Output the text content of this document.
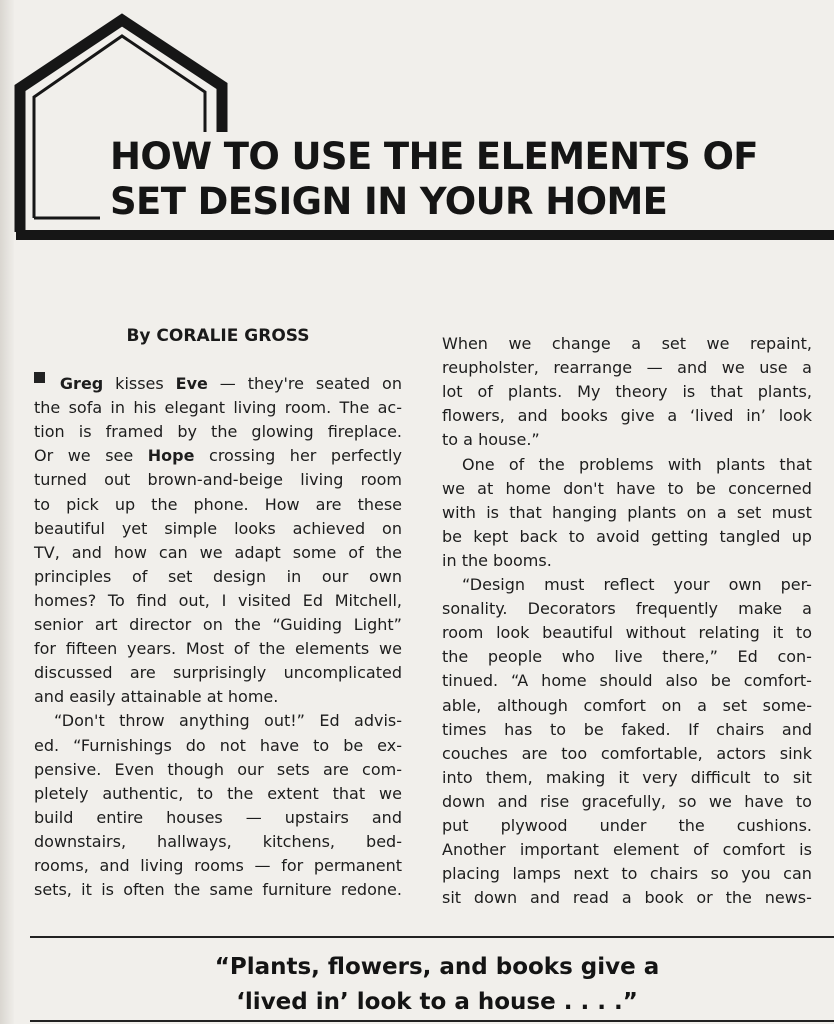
HOW TO USE THE ELEMENTS OF
SET DESIGN IN YOUR HOME
By CORALIE GROSS
Greg kisses Eve — they're seated on
the sofa in his elegant living room. The ac-
tion is framed by the glowing fireplace.
Or we see Hope crossing her perfectly
turned out brown-and-beige living room
to pick up the phone. How are these
beautiful yet simple looks achieved on
TV, and how can we adapt some of the
principles of set design in our own
homes? To find out, I visited Ed Mitchell,
senior art director on the “Guiding Light”
for fifteen years. Most of the elements we
discussed are surprisingly uncomplicated
and
easily
attainable
at
home.

“Don't throw anything out!” Ed advis-
ed. “Furnishings do not have to be ex-
pensive. Even though our sets are com-
pletely authentic, to the extent that we
build entire houses — upstairs and
downstairs, hallways, kitchens, bed-
rooms, and living rooms — for permanent
sets, it is often the same furniture redone.
When we change a set we repaint,
reupholster, rearrange — and we use a
lot of plants. My theory is that plants,
flowers, and books give a ‘lived in’ look
to
a
house.”

One of the problems with plants that
we at home don't have to be concerned
with is that hanging plants on a set must
be kept back to avoid getting tangled up
in
the
booms.

“Design must reflect your own per-
sonality. Decorators frequently make a
room look beautiful without relating it to
the people who live there,” Ed con-
tinued. “A home should also be comfort-
able, although comfort on a set some-
times has to be faked. If chairs and
couches are too comfortable, actors sink
into them, making it very difficult to sit
down and rise gracefully, so we have to
put plywood under the cushions.
Another important element of comfort is
placing lamps next to chairs so you can
sit down and read a book or the news-
“Plants, flowers, and books give a
‘lived in’ look to a house . . . .”
